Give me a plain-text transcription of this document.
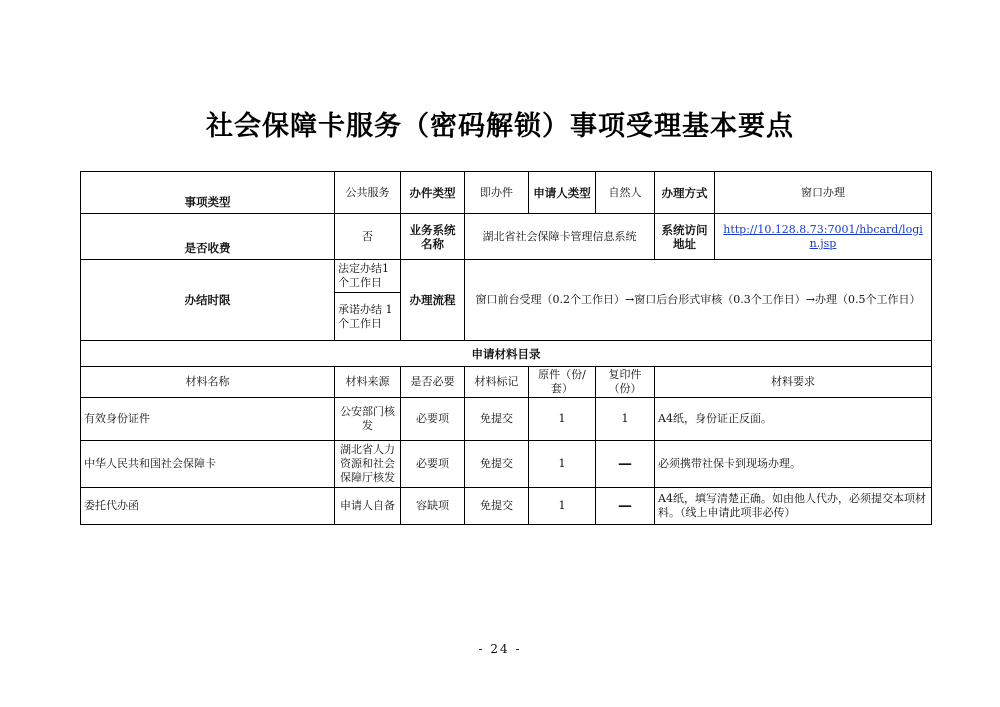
社会保障卡服务（密码解锁）事项受理基本要点
事项类型	公共服务	办件类型	即办件	申请人类型	自然人	办理方式	窗口办理
是否收费	否	业务系统名称	湖北省社会保障卡管理信息系统			系统访问地址	http://10.128.8.73:7001/hbcard/login.jsp
办结时限	法定办结1个工作日	办理流程	窗口前台受理（0.2个工作日）→窗口后台形式审核（0.3个工作日）→办理（0.5个工作日）				
	承诺办结 1 个工作日						
申请材料目录							
材料名称	材料来源	是否必要	材料标记	原件（份/套）	复印件（份）	材料要求	
有效身份证件	公安部门核发	必要项	免提交	1	1	A4纸，身份证正反面。	
中华人民共和国社会保障卡	湖北省人力资源和社会保障厅核发	必要项	免提交	1	—	必须携带社保卡到现场办理。	
委托代办函	申请人自备	容缺项	免提交	1	—	A4纸，填写清楚正确。如由他人代办，必须提交本项材料。（线上申请此项非必传）	
- 24 -
